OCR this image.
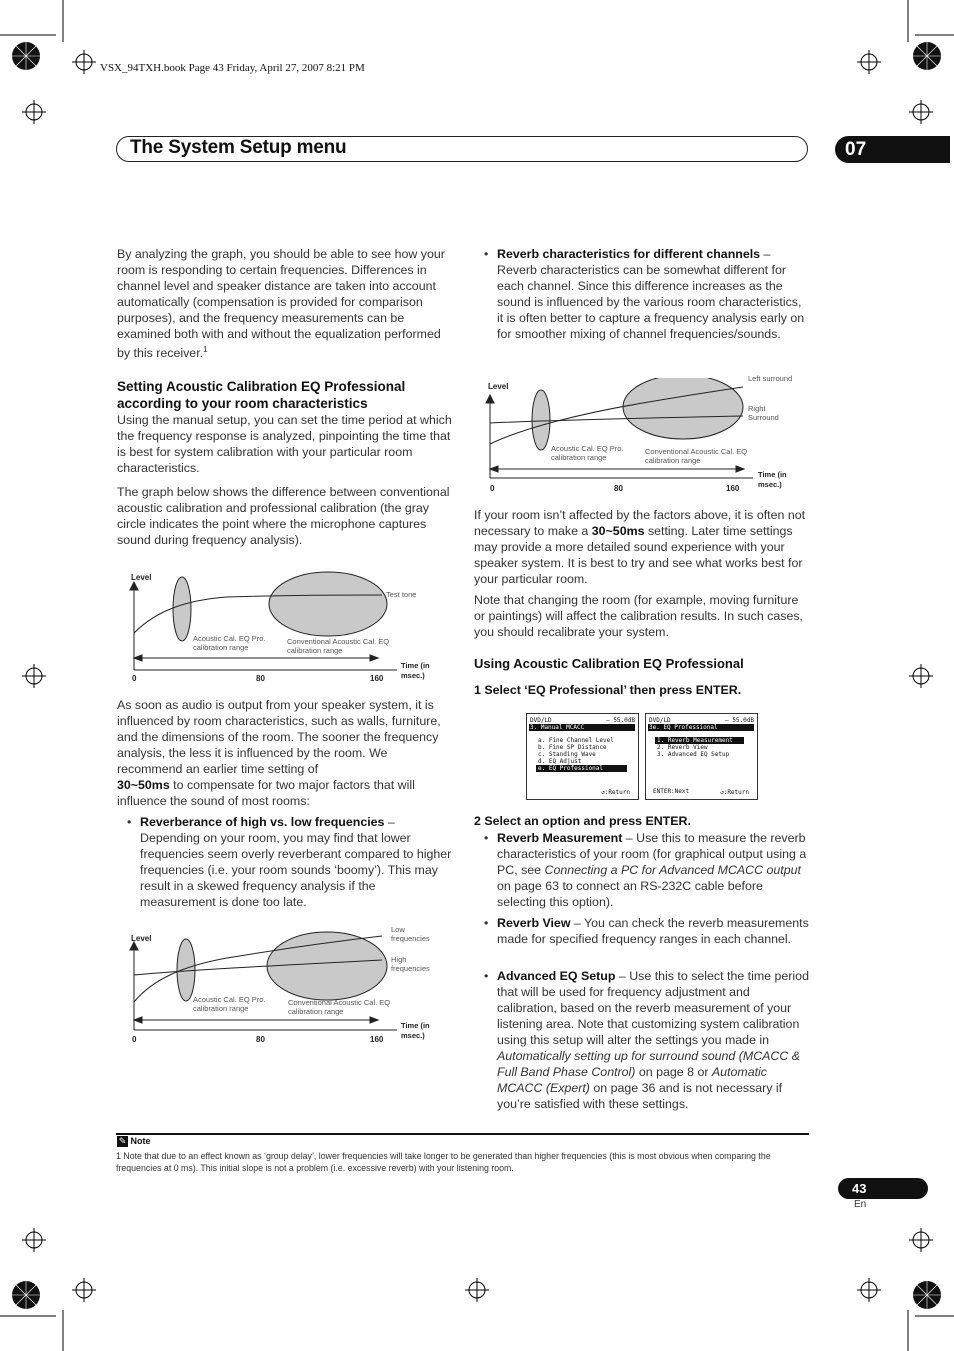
VSX_94TXH.book Page 43 Friday, April 27, 2007 8:21 PM
The System Setup menu	07
By analyzing the graph, you should be able to see how your room is responding to certain frequencies. Differences in channel level and speaker distance are taken into account automatically (compensation is provided for comparison purposes), and the frequency measurements can be examined both with and without the equalization performed by this receiver.$^1$
Setting Acoustic Calibration EQ Professional according to your room characteristics
Using the manual setup, you can set the time period at which the frequency response is analyzed, pinpointing the time that is best for system calibration with your particular room characteristics.
The graph below shows the difference between conventional acoustic calibration and professional calibration (the gray circle indicates the point where the microphone captures sound during frequency analysis).
Level
Test tone
0	80	160
Acoustic Cal. EQ Pro. calibration range
Conventional Acoustic Cal. EQ calibration range
Time (in msec.)
As soon as audio is output from your speaker system, it is influenced by room characteristics, such as walls, furniture, and the dimensions of the room. The sooner the frequency analysis, the less it is influenced by the room. We recommend an earlier time setting of
30~50ms to compensate for two major factors that will influence the sound of most rooms:
• Reverberance of high vs. low frequencies –
Depending on your room, you may find that lower frequencies seem overly reverberant compared to higher frequencies (i.e. your room sounds ‘boomy’). This may result in a skewed frequency analysis if the measurement is done too late.
Level
0	80	160
Low frequencies
High frequencies
Acoustic Cal. EQ Pro. calibration range
Conventional Acoustic Cal. EQ calibration range
Time (in msec.)
• Reverb characteristics for different channels – Reverb characteristics can be somewhat different for each channel. Since this difference increases as the sound is influenced by the various room characteristics, it is often better to capture a frequency analysis early on for smoother mixing of channel frequencies/sounds.
Level
0	80	160
Left surround
Right Surround
Acoustic Cal. EQ Pro. calibration range
Conventional Acoustic Cal. EQ calibration range
Time (in msec.)
If your room isn’t affected by the factors above, it is often not necessary to make a 30~50ms setting. Later time settings may provide a more detailed sound experience with your speaker system. It is best to try and see what works best for your particular room.
Note that changing the room (for example, moving furniture or paintings) will affect the calibration results. In such cases, you should recalibrate your system.
Using Acoustic Calibration EQ Professional
1 Select ‘EQ Professional’ then press ENTER.
DVD/LD	– 55.0dB
3. Manual MCACC
a. Fine Channel Level
b. Fine SP Distance
c. Standing Wave
d. EQ Adjust
e. EQ Professional
↺:Return
DVD/LD	– 55.0dB
3e. EQ Professional
1. Reverb Measurement
2. Reverb View
3. Advanced EQ Setup
ENTER:Next	↺:Return
2 Select an option and press ENTER.
• Reverb Measurement – Use this to measure the reverb characteristics of your room (for graphical output using a PC, see Connecting a PC for Advanced MCACC output on page 63 to connect an RS-232C cable before selecting this option).
• Reverb View – You can check the reverb measurements made for specified frequency ranges in each channel.
• Advanced EQ Setup – Use this to select the time period that will be used for frequency adjustment and calibration, based on the reverb measurement of your listening area. Note that customizing system calibration using this setup will alter the settings you made in Automatically setting up for surround sound (MCACC & Full Band Phase Control) on page 8 or Automatic MCACC (Expert) on page 36 and is not necessary if you’re satisfied with these settings.
✎ Note
1 Note that due to an effect known as ‘group delay’, lower frequencies will take longer to be generated than higher frequencies (this is most obvious when comparing the frequencies at 0 ms). This initial slope is not a problem (i.e. excessive reverb) with your listening room.
43
En
